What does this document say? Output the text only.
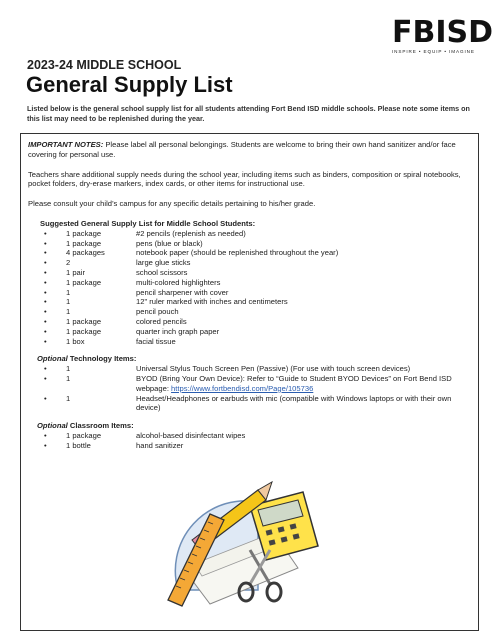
FBISD
INSPIRE • EQUIP • IMAGINE
2023-24 MIDDLE SCHOOL
General Supply List
Listed below is the general school supply list for all students attending Fort Bend ISD middle schools. Please note some items on this list may need to be replenished during the year.

IMPORTANT NOTES: Please label all personal belongings. Students are welcome to bring their own hand sanitizer and/or face covering for personal use.

Teachers share additional supply needs during the school year, including items such as binders, composition or spiral notebooks, pocket folders, dry-erase markers, index cards, or other items for instructional use.

Please consult your child’s campus for any specific details pertaining to his/her grade.

Suggested General Supply List for Middle School Students:
•	1 package	#2 pencils (replenish as needed)
•	1 package	pens (blue or black)
•	4 packages	notebook paper (should be replenished throughout the year)
•	2	large glue sticks
•	1 pair	school scissors
•	1 package	multi-colored highlighters
•	1	pencil sharpener with cover
•	1	12" ruler marked with inches and centimeters
•	1	pencil pouch
•	1 package	colored pencils
•	1 package	quarter inch graph paper
•	1 box	facial tissue
Optional Technology Items:
•	1	Universal Stylus Touch Screen Pen (Passive) (For use with touch screen devices)
•	1	BYOD (Bring Your Own Device): Refer to “Guide to Student BYOD Devices” on Fort Bend ISD webpage: https://www.fortbendisd.com/Page/105736
•	1	Headset/Headphones or earbuds with mic (compatible with Windows laptops or with their own device)
Optional Classroom Items:
•	1 package	alcohol-based disinfectant wipes
•	1 bottle	hand sanitizer
